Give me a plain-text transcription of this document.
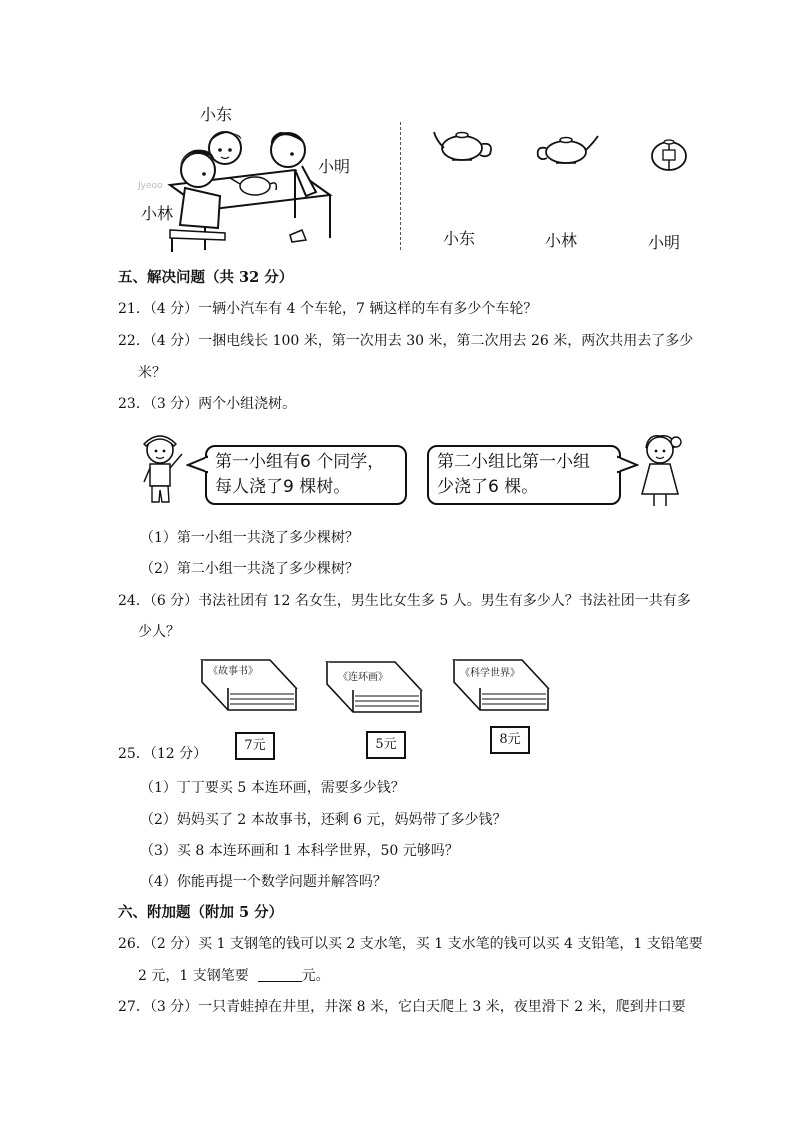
Jyeoo
小东
小明
小林
小东	小林	小明
五、解决问题（共 32 分）
21．（4 分）一辆小汽车有 4 个车轮，7 辆这样的车有多少个车轮？
22．（4 分）一捆电线长 100 米，第一次用去 30 米，第二次用去 26 米，两次共用去了多少
米？
23．（3 分）两个小组浇树。
第一小组有6 个同学，
每人浇了9 棵树。
第二小组比第一小组
少浇了6 棵。
（1）第一小组一共浇了多少棵树？
（2）第二小组一共浇了多少棵树？
24．（6 分）书法社团有 12 名女生，男生比女生多 5 人。男生有多少人？书法社团一共有多
少人？
《故事书》
7元
《连环画》
5元
《科学世界》
8元
25．（12 分）
（1）丁丁要买 5 本连环画，需要多少钱？
（2）妈妈买了 2 本故事书，还剩 6 元，妈妈带了多少钱？
（3）买 8 本连环画和 1 本科学世界，50 元够吗？
（4）你能再提一个数学问题并解答吗？
六、附加题（附加 5 分）
26．（2 分）买 1 支钢笔的钱可以买 2 支水笔，买 1 支水笔的钱可以买 4 支铅笔，1 支铅笔要
2 元，1 支钢笔要	元。
27．（3 分）一只青蛙掉在井里，井深 8 米，它白天爬上 3 米，夜里滑下 2 米，爬到井口要
